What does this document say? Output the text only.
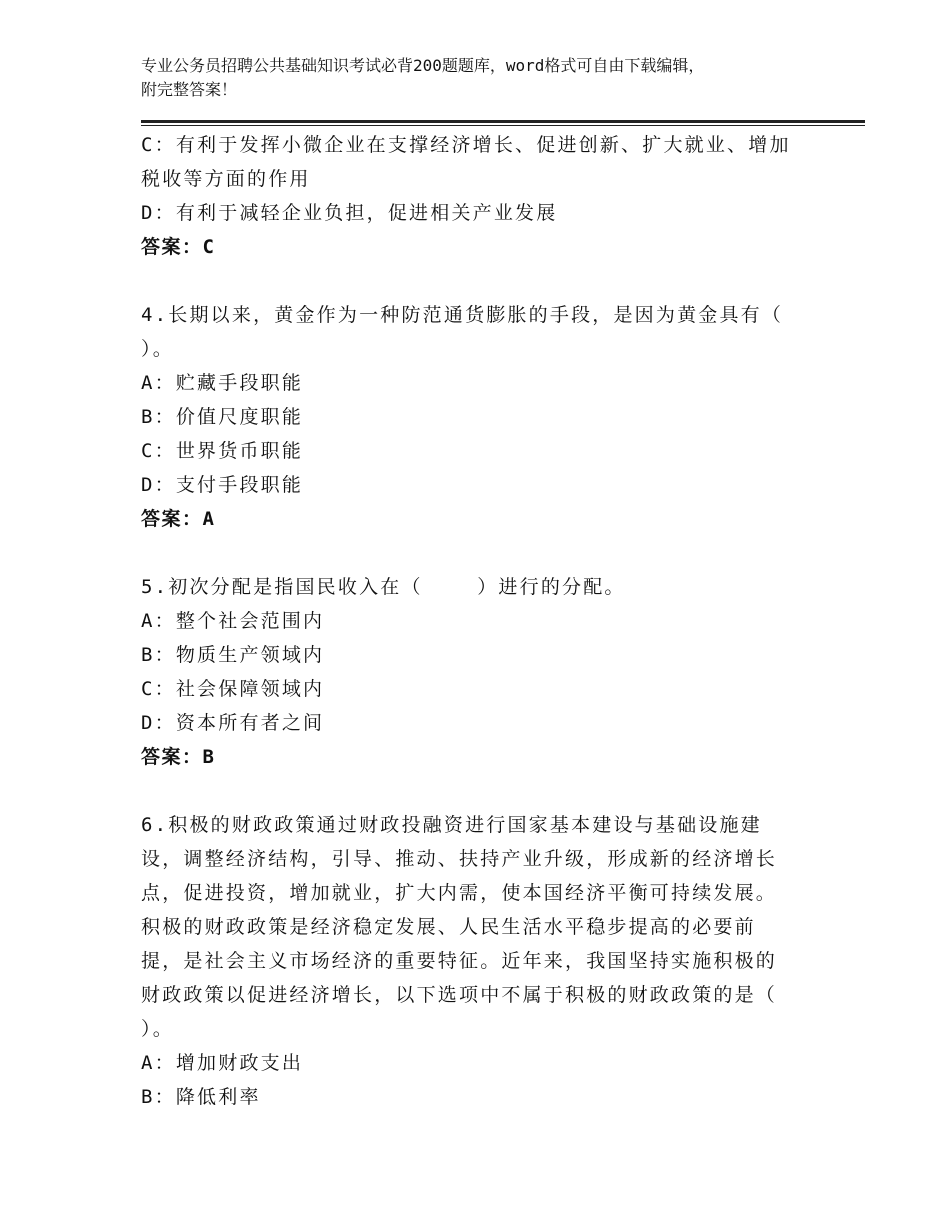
专业公务员招聘公共基础知识考试必背200题题库，word格式可自由下载编辑，
附完整答案！
C：有利于发挥小微企业在支撑经济增长、促进创新、扩大就业、增加
税收等方面的作用
D：有利于减轻企业负担，促进相关产业发展
答案：C
4.长期以来，黄金作为一种防范通货膨胀的手段，是因为黄金具有（
）。
A：贮藏手段职能
B：价值尺度职能
C：世界货币职能
D：支付手段职能
答案：A
5.初次分配是指国民收入在（    ）进行的分配。
A：整个社会范围内
B：物质生产领域内
C：社会保障领域内
D：资本所有者之间
答案：B
6.积极的财政政策通过财政投融资进行国家基本建设与基础设施建
设，调整经济结构，引导、推动、扶持产业升级，形成新的经济增长
点，促进投资，增加就业，扩大内需，使本国经济平衡可持续发展。
积极的财政政策是经济稳定发展、人民生活水平稳步提高的必要前
提，是社会主义市场经济的重要特征。近年来，我国坚持实施积极的
财政政策以促进经济增长，以下选项中不属于积极的财政政策的是（
）。
A：增加财政支出
B：降低利率
